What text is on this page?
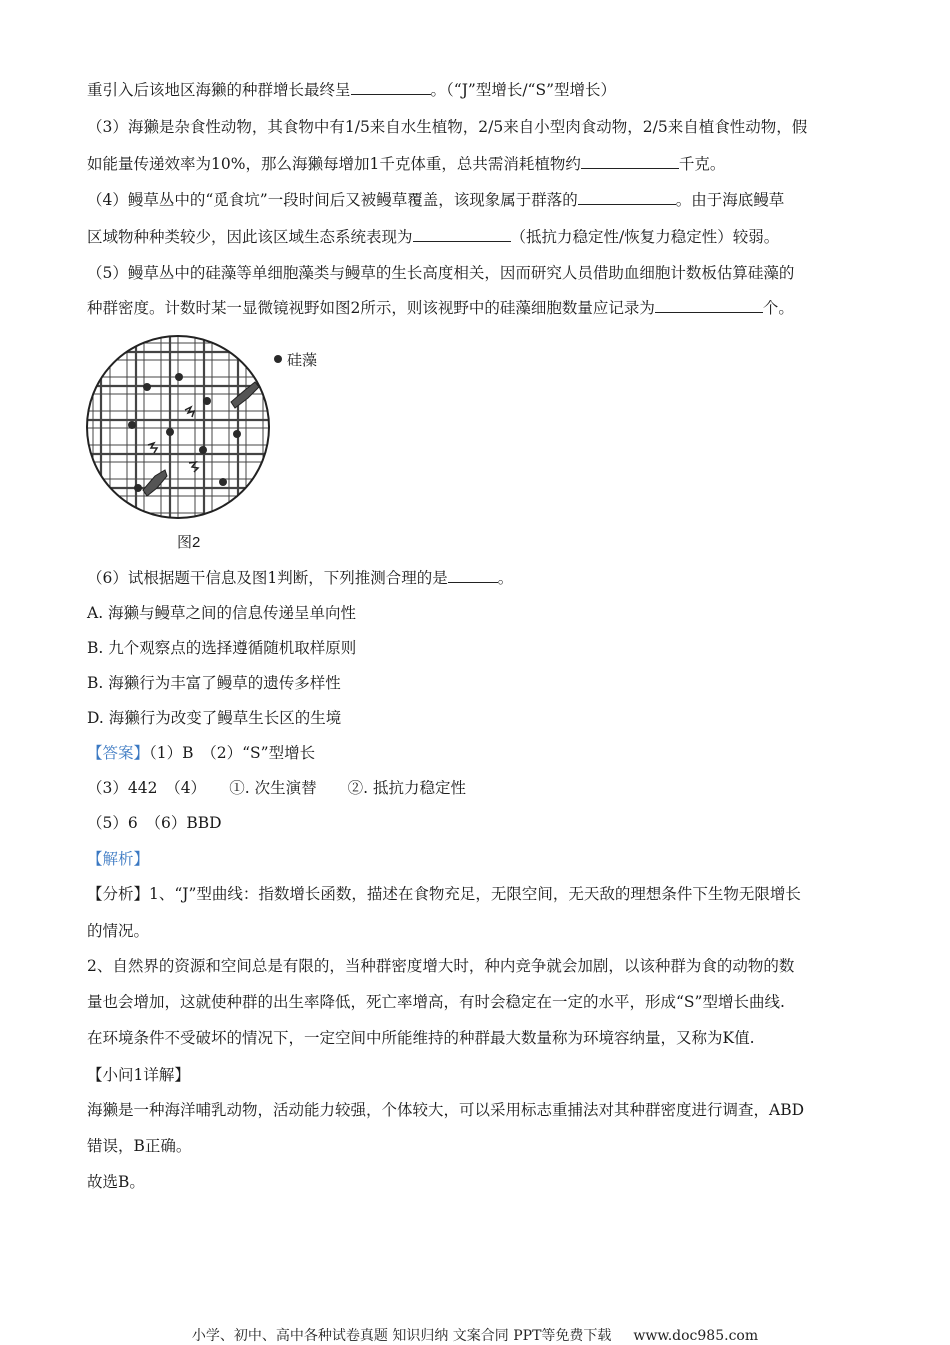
重引入后该地区海獭的种群增长最终呈	。（“J”型增长/“S”型增长）
（3）海獭是杂食性动物，其食物中有1/5来自水生植物，2/5来自小型肉食动物，2/5来自植食性动物，假
如能量传递效率为10%，那么海獭每增加1千克体重，总共需消耗植物约	千克。
（4）鳗草丛中的“觅食坑”一段时间后又被鳗草覆盖，该现象属于群落的	。由于海底鳗草
区域物种种类较少，因此该区域生态系统表现为	（抵抗力稳定性/恢复力稳定性）较弱。
（5）鳗草丛中的硅藻等单细胞藻类与鳗草的生长高度相关，因而研究人员借助血细胞计数板估算硅藻的
种群密度。计数时某一显微镜视野如图2所示，则该视野中的硅藻细胞数量应记录为	个。
硅藻
图2
（6）试根据题干信息及图1判断，下列推测合理的是	。
A. 海獭与鳗草之间的信息传递呈单向性
B. 九个观察点的选择遵循随机取样原则
B. 海獭行为丰富了鳗草的遗传多样性
D. 海獭行为改变了鳗草生长区的生境
【答案】（1）B　（2）“S”型增长
（3）442　（4）　　①. 次生演替　　②. 抵抗力稳定性
（5）6　（6）BBD
【解析】
【分析】1、“J”型曲线：指数增长函数，描述在食物充足，无限空间，无天敌的理想条件下生物无限增长
的情况。
2、自然界的资源和空间总是有限的，当种群密度增大时，种内竞争就会加剧，以该种群为食的动物的数
量也会增加，这就使种群的出生率降低，死亡率增高，有时会稳定在一定的水平，形成“S”型增长曲线.
在环境条件不受破坏的情况下，一定空间中所能维持的种群最大数量称为环境容纳量，又称为K值.
【小问1详解】
海獭是一种海洋哺乳动物，活动能力较强，个体较大，可以采用标志重捕法对其种群密度进行调查，ABD
错误，B正确。
故选B。
小学、初中、高中各种试卷真题 知识归纳 文案合同 PPT等免费下载 www.doc985.com
